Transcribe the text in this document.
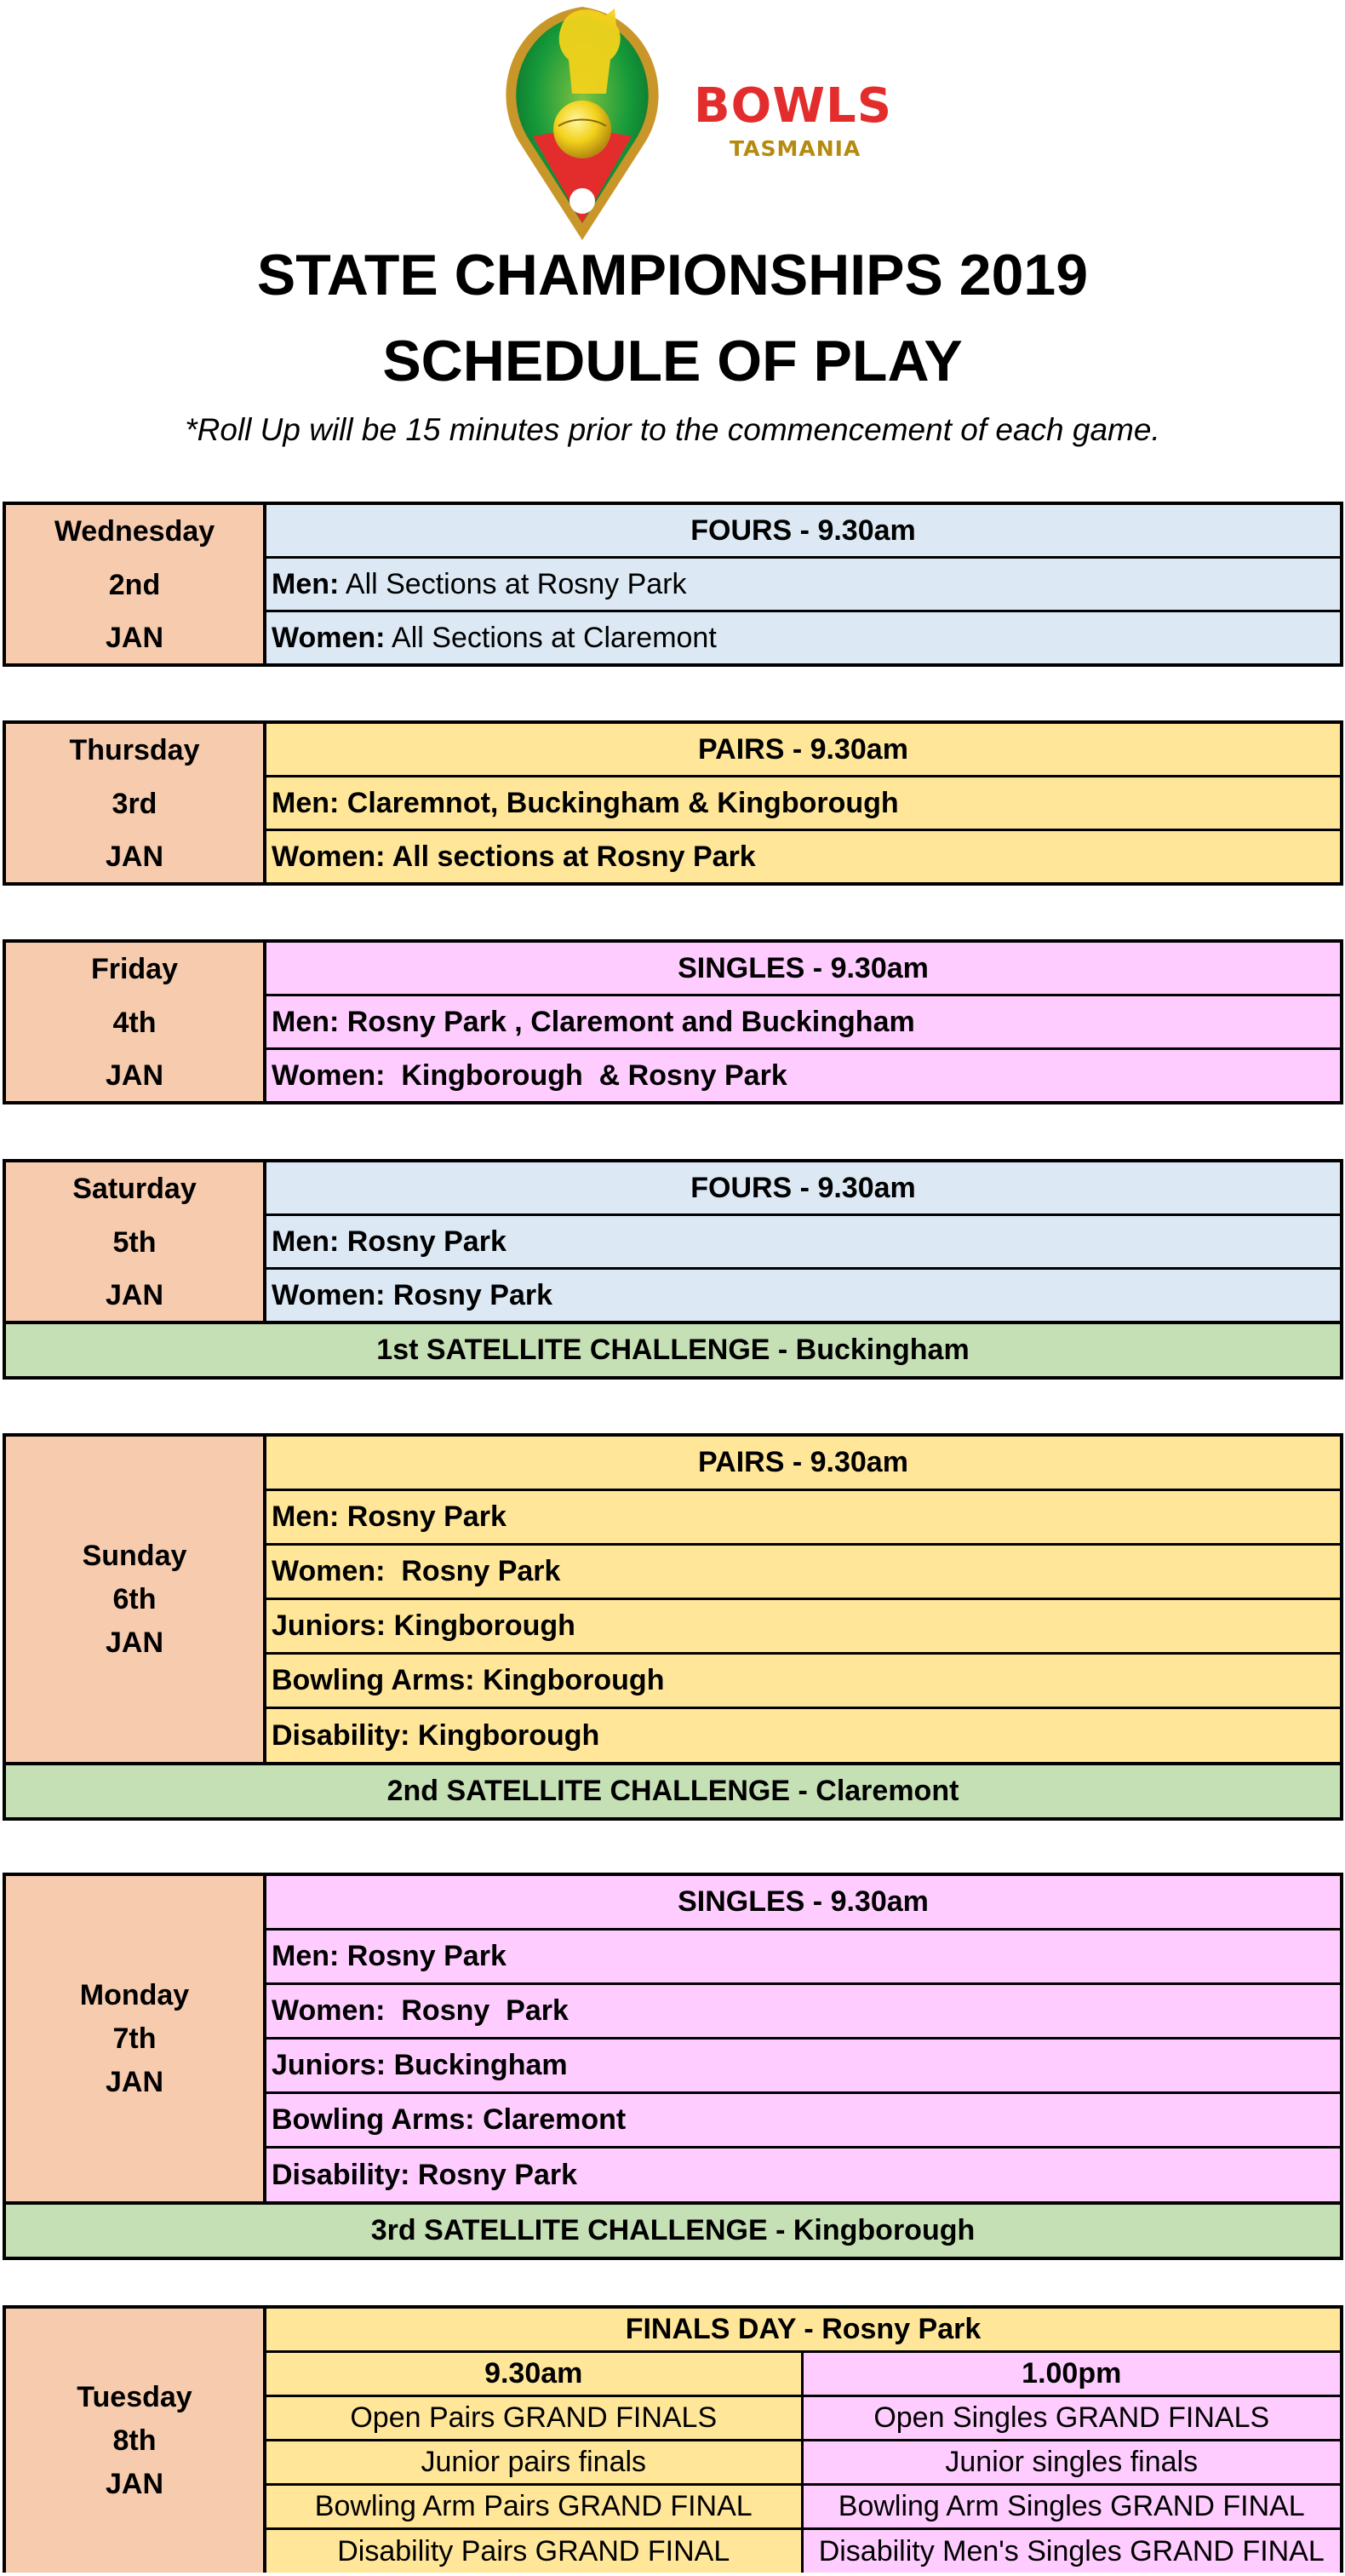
BOWLS
TASMANIA
STATE CHAMPIONSHIPS 2019
SCHEDULE OF PLAY
*Roll Up will be 15 minutes prior to the commencement of each game.
Wednesday
2nd
JAN
FOURS - 9.30am
Men: All Sections at Rosny Park
Women: All Sections at Claremont
Thursday
3rd
JAN
PAIRS - 9.30am
Men: Claremnot, Buckingham & Kingborough
Women: All sections at Rosny Park
Friday
4th
JAN
SINGLES - 9.30am
Men: Rosny Park , Claremont and Buckingham
Women:  Kingborough  & Rosny Park
Saturday
5th
JAN
FOURS - 9.30am
Men: Rosny Park
Women: Rosny Park
1st SATELLITE CHALLENGE - Buckingham
Sunday
6th
JAN
PAIRS - 9.30am
Men: Rosny Park
Women:  Rosny Park
Juniors: Kingborough
Bowling Arms: Kingborough
Disability: Kingborough
2nd SATELLITE CHALLENGE - Claremont
Monday
7th
JAN
SINGLES - 9.30am
Men: Rosny Park
Women:  Rosny  Park
Juniors: Buckingham
Bowling Arms: Claremont
Disability: Rosny Park
3rd SATELLITE CHALLENGE - Kingborough
Tuesday
8th
JAN
FINALS DAY - Rosny Park
9.30am	1.00pm
Open Pairs GRAND FINALS	Open Singles GRAND FINALS
Junior pairs finals	Junior singles finals
Bowling Arm Pairs GRAND FINAL	Bowling Arm Singles GRAND FINAL
Disability Pairs GRAND FINAL	Disability Men's Singles GRAND FINAL
